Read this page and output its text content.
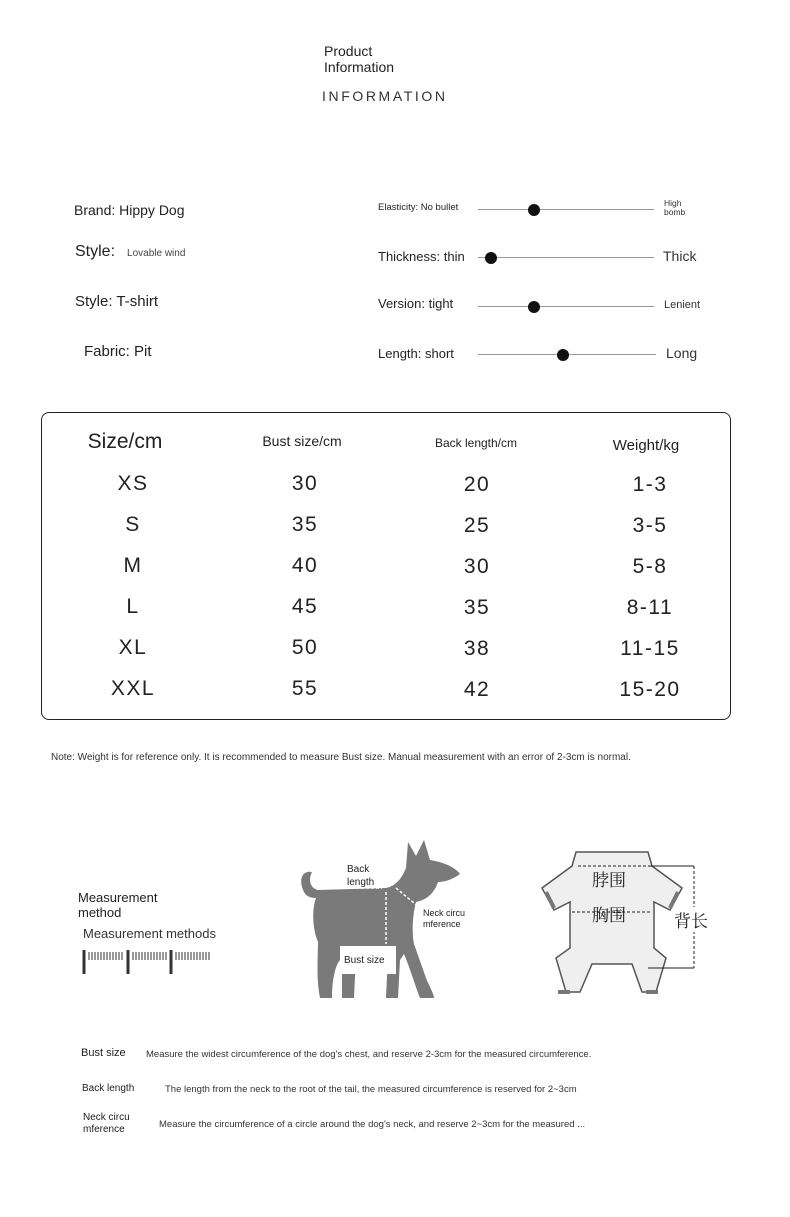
Product
Information
INFORMATION
Brand: Hippy Dog
Style: Lovable wind
Style: T-shirt
Fabric: Pit
Elasticity: No bullet	High
bomb
Thickness: thin	Thick
Version: tight	Lenient
Length: short	Long
Size/cm	Bust size/cm	Back length/cm	Weight/kg
XS	30	20	1-3
S	35	25	3-5
M	40	30	5-8
L	45	35	8-11
XL	50	38	11-15
XXL	55	42	15-20
Note: Weight is for reference only. It is recommended to measure Bust size. Manual measurement with an error of 2-3cm is normal.
Measurement
method
Measurement methods
Back
length
Neck circu
mference
Bust size
脖围
胸围	背长
Bust size Measure the widest circumference of the dog's chest, and reserve 2-3cm for the measured circumference.
Back length	The length from the neck to the root of the tail, the measured circumference is reserved for 2~3cm
Neck circu
mference	Measure the circumference of a circle around the dog's neck, and reserve 2~3cm for the measured ...
